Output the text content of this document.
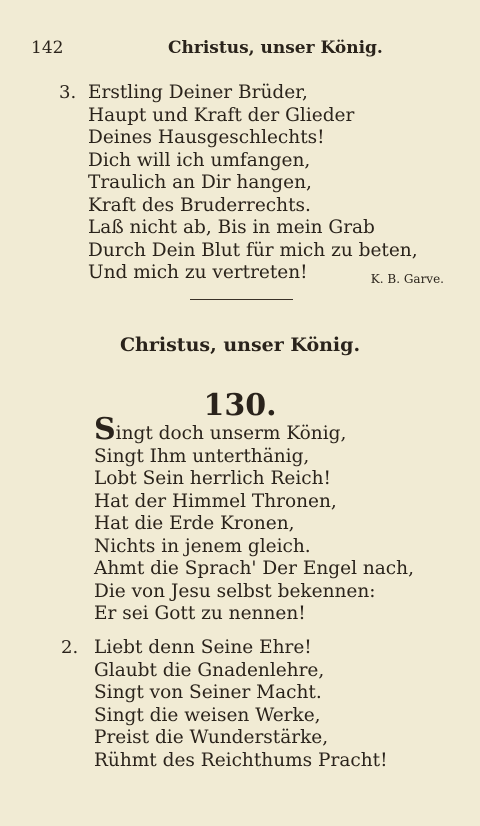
142	Christus, unser König.
3. Erstling Deiner Brüder,
Haupt und Kraft der Glieder
Deines Hausgeschlechts!
Dich will ich umfangen,
Traulich an Dir hangen,
Kraft des Bruderrechts.
Laß nicht ab, Bis in mein Grab
Durch Dein Blut für mich zu beten,
Und mich zu vertreten!	K. B. Garve.
Christus, unser König.
130.
Singt doch unserm König,
Singt Ihm unterthänig,
Lobt Sein herrlich Reich!
Hat der Himmel Thronen,
Hat die Erde Kronen,
Nichts in jenem gleich.
Ahmt die Sprach' Der Engel nach,
Die von Jesu selbst bekennen:
Er sei Gott zu nennen!
2. Liebt denn Seine Ehre!
Glaubt die Gnadenlehre,
Singt von Seiner Macht.
Singt die weisen Werke,
Preist die Wunderstärke,
Rühmt des Reichthums Pracht!
